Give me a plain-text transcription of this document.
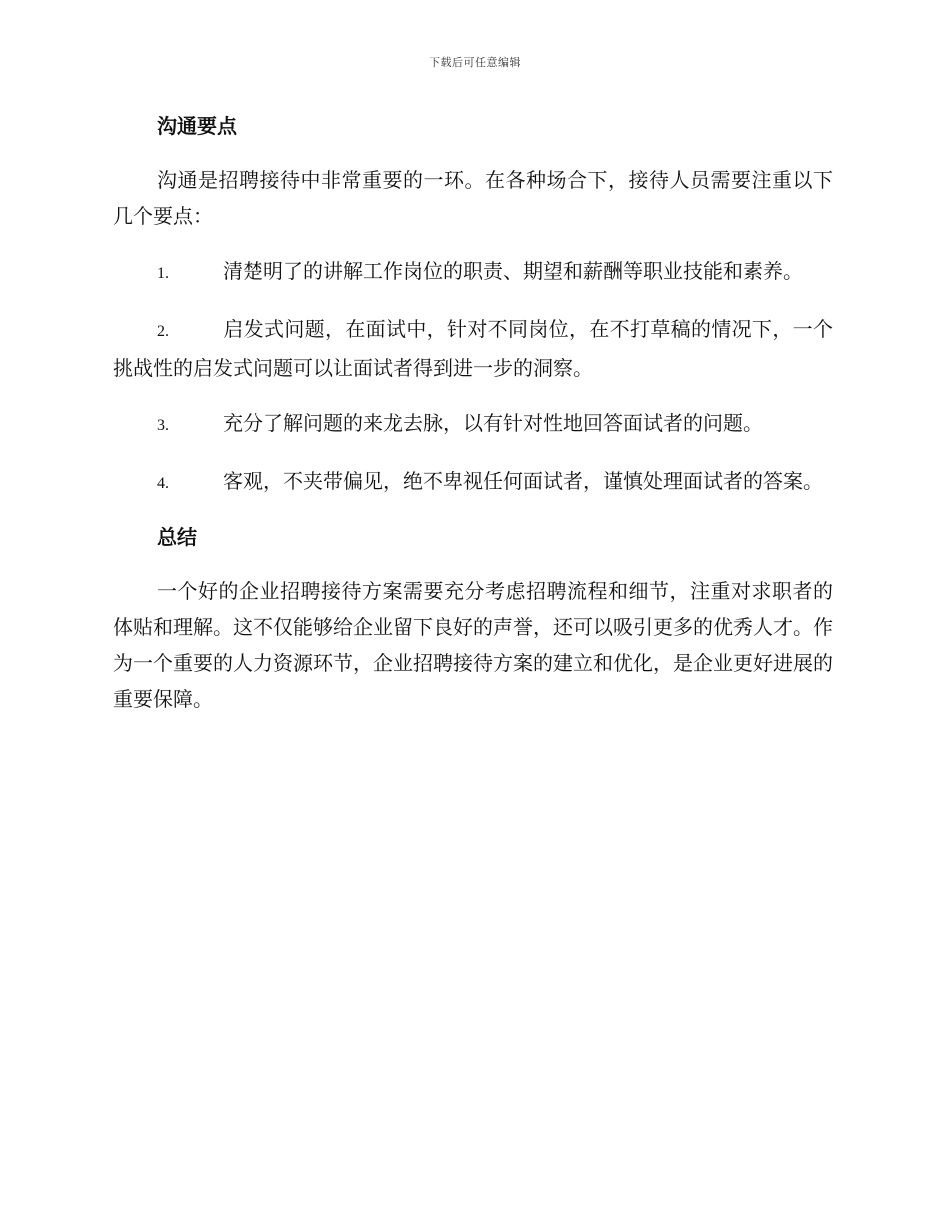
下载后可任意编辑
沟通要点

沟通是招聘接待中非常重要的一环。在各种场合下，接待人员需要注重以下几个要点：

1.	清楚明了的讲解工作岗位的职责、期望和薪酬等职业技能和素养。

2.	启发式问题，在面试中，针对不同岗位，在不打草稿的情况下，一个挑战性的启发式问题可以让面试者得到进一步的洞察。

3.	充分了解问题的来龙去脉，以有针对性地回答面试者的问题。

4.	客观，不夹带偏见，绝不卑视任何面试者，谨慎处理面试者的答案。

总结

一个好的企业招聘接待方案需要充分考虑招聘流程和细节，注重对求职者的体贴和理解。这不仅能够给企业留下良好的声誉，还可以吸引更多的优秀人才。作为一个重要的人力资源环节，企业招聘接待方案的建立和优化，是企业更好进展的重要保障。
